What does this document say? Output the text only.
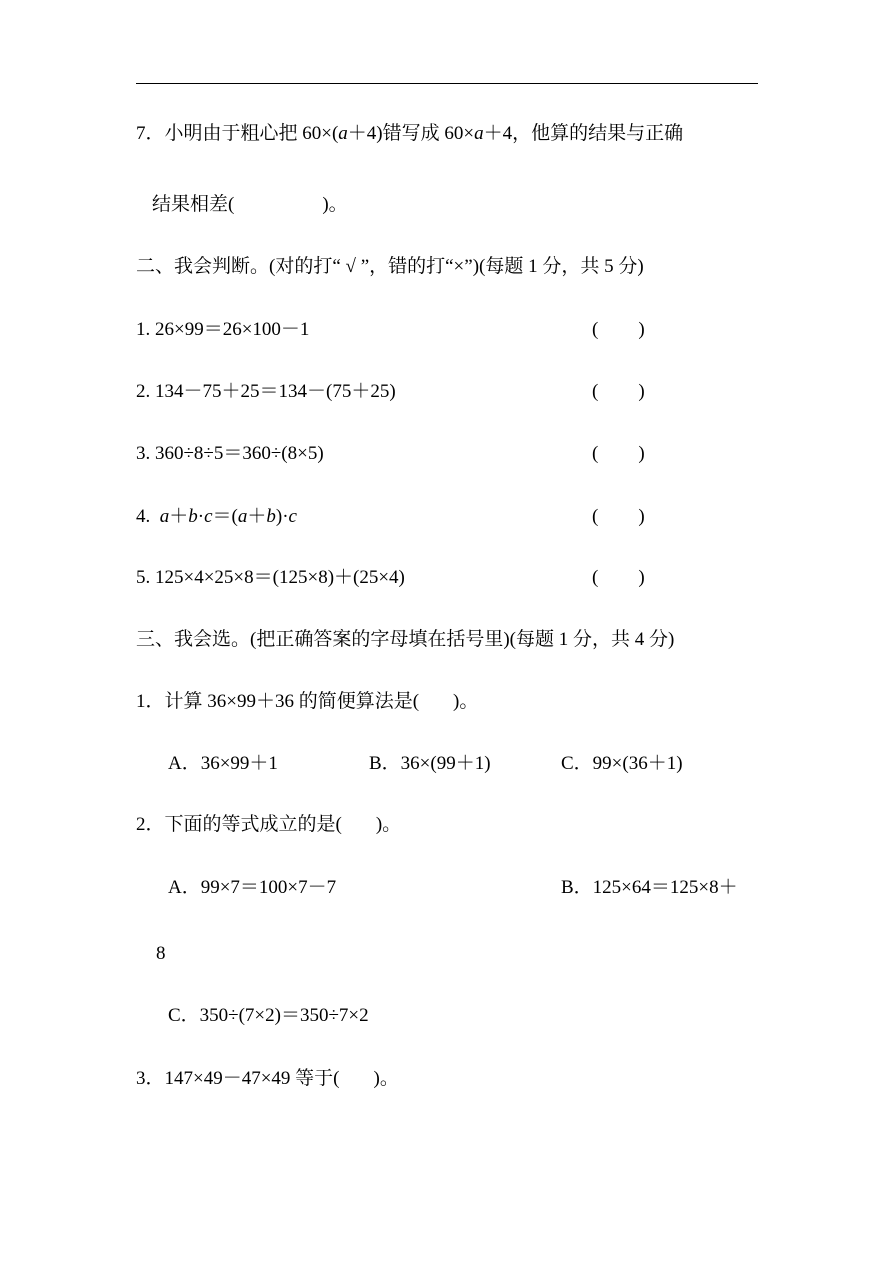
7．小明由于粗心把 60×(a＋4)错写成 60×a＋4，他算的结果与正确
结果相差(	)。
二、我会判断。(对的打“ √ ”，错的打“×”)(每题 1 分，共 5 分)
1. 26×99＝26×100－1	( )
2. 134－75＋25＝134－(75＋25)	( )
3. 360÷8÷5＝360÷(8×5)	( )
4. a＋b·c＝(a＋b)·c	( )
5. 125×4×25×8＝(125×8)＋(25×4)	( )
三、我会选。(把正确答案的字母填在括号里)(每题 1 分，共 4 分)
1．计算 36×99＋36 的简便算法是( )。
A．36×99＋1	B．36×(99＋1)	C．99×(36＋1)
2．下面的等式成立的是( )。
A．99×7＝100×7－7	B．125×64＝125×8＋
8
C．350÷(7×2)＝350÷7×2
3．147×49－47×49 等于( )。
